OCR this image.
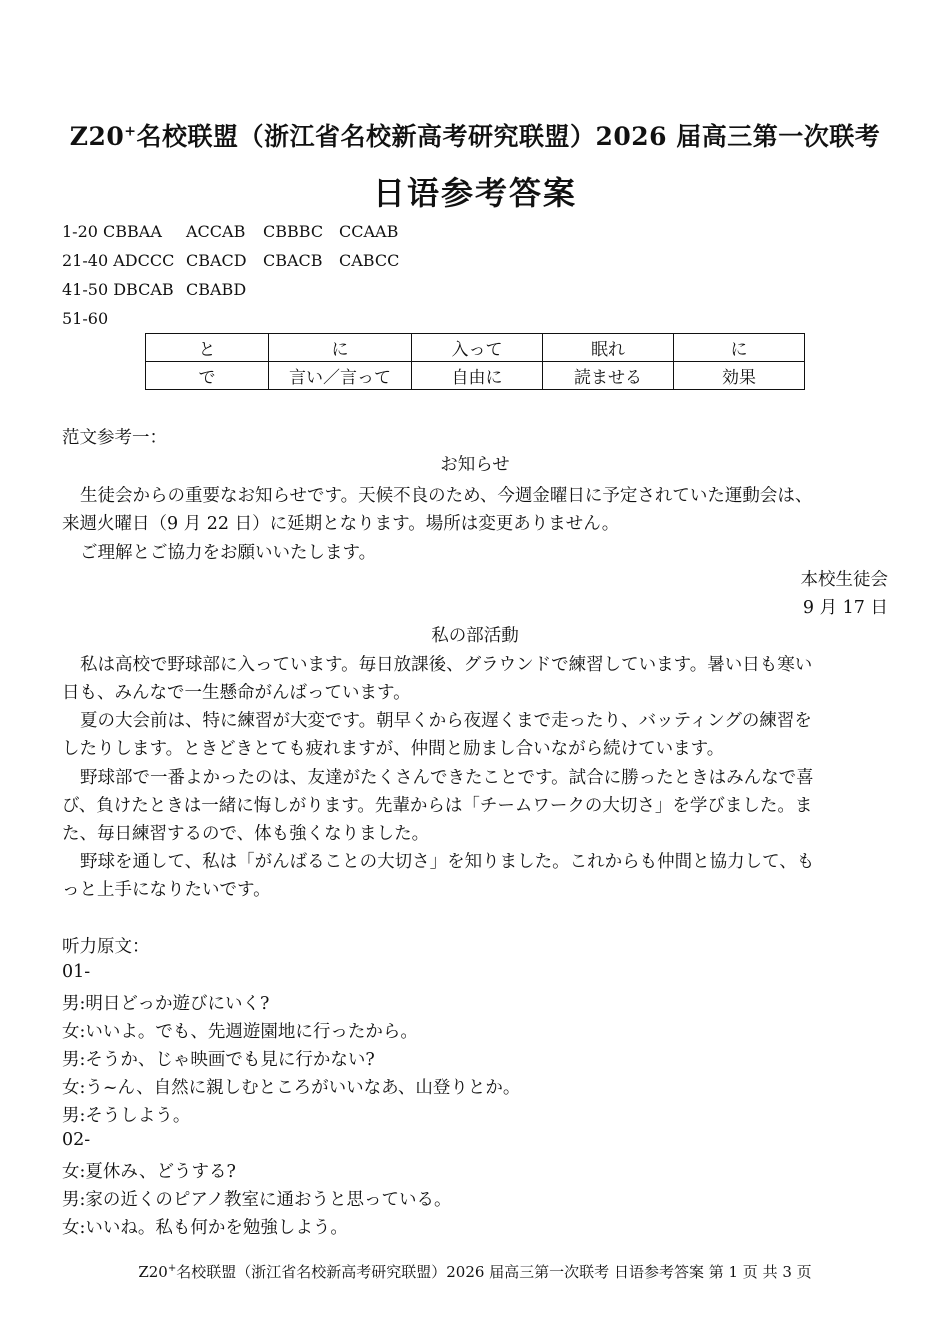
Z20+名校联盟（浙江省名校新高考研究联盟）2026 届高三第一次联考
日语参考答案
1-20 CBBAA ACCAB CBBBC CCAAB
21-40 ADCCC CBACD CBACB CABCC
41-50 DBCAB CBABD
51-60
と	に	入って	眠れ	に
で	言い／言って	自由に	読ませる	効果
范文参考一：
お知らせ
生徒会からの重要なお知らせです。天候不良のため、今週金曜日に予定されていた運動会は、
来週火曜日（9 月 22 日）に延期となります。場所は変更ありません。
ご理解とご協力をお願いいたします。
本校生徒会
9 月 17 日
私の部活動
私は高校で野球部に入っています。毎日放課後、グラウンドで練習しています。暑い日も寒い
日も、みんなで一生懸命がんばっています。
夏の大会前は、特に練習が大変です。朝早くから夜遅くまで走ったり、バッティングの練習を
したりします。ときどきとても疲れますが、仲間と励まし合いながら続けています。
野球部で一番よかったのは、友達がたくさんできたことです。試合に勝ったときはみんなで喜
び、負けたときは一緒に悔しがります。先輩からは「チームワークの大切さ」を学びました。ま
た、毎日練習するので、体も強くなりました。
野球を通して、私は「がんばることの大切さ」を知りました。これからも仲間と協力して、も
っと上手になりたいです。
听力原文：
01-
男:明日どっか遊びにいく?
女:いいよ。でも、先週遊園地に行ったから。
男:そうか、じゃ映画でも見に行かない?
女:う~ん、自然に親しむところがいいなあ、山登りとか。
男:そうしよう。
02-
女:夏休み、どうする?
男:家の近くのピアノ教室に通おうと思っている。
女:いいね。私も何かを勉強しよう。
Z20+名校联盟（浙江省名校新高考研究联盟）2026 届高三第一次联考 日语参考答案 第 1 页 共 3 页
